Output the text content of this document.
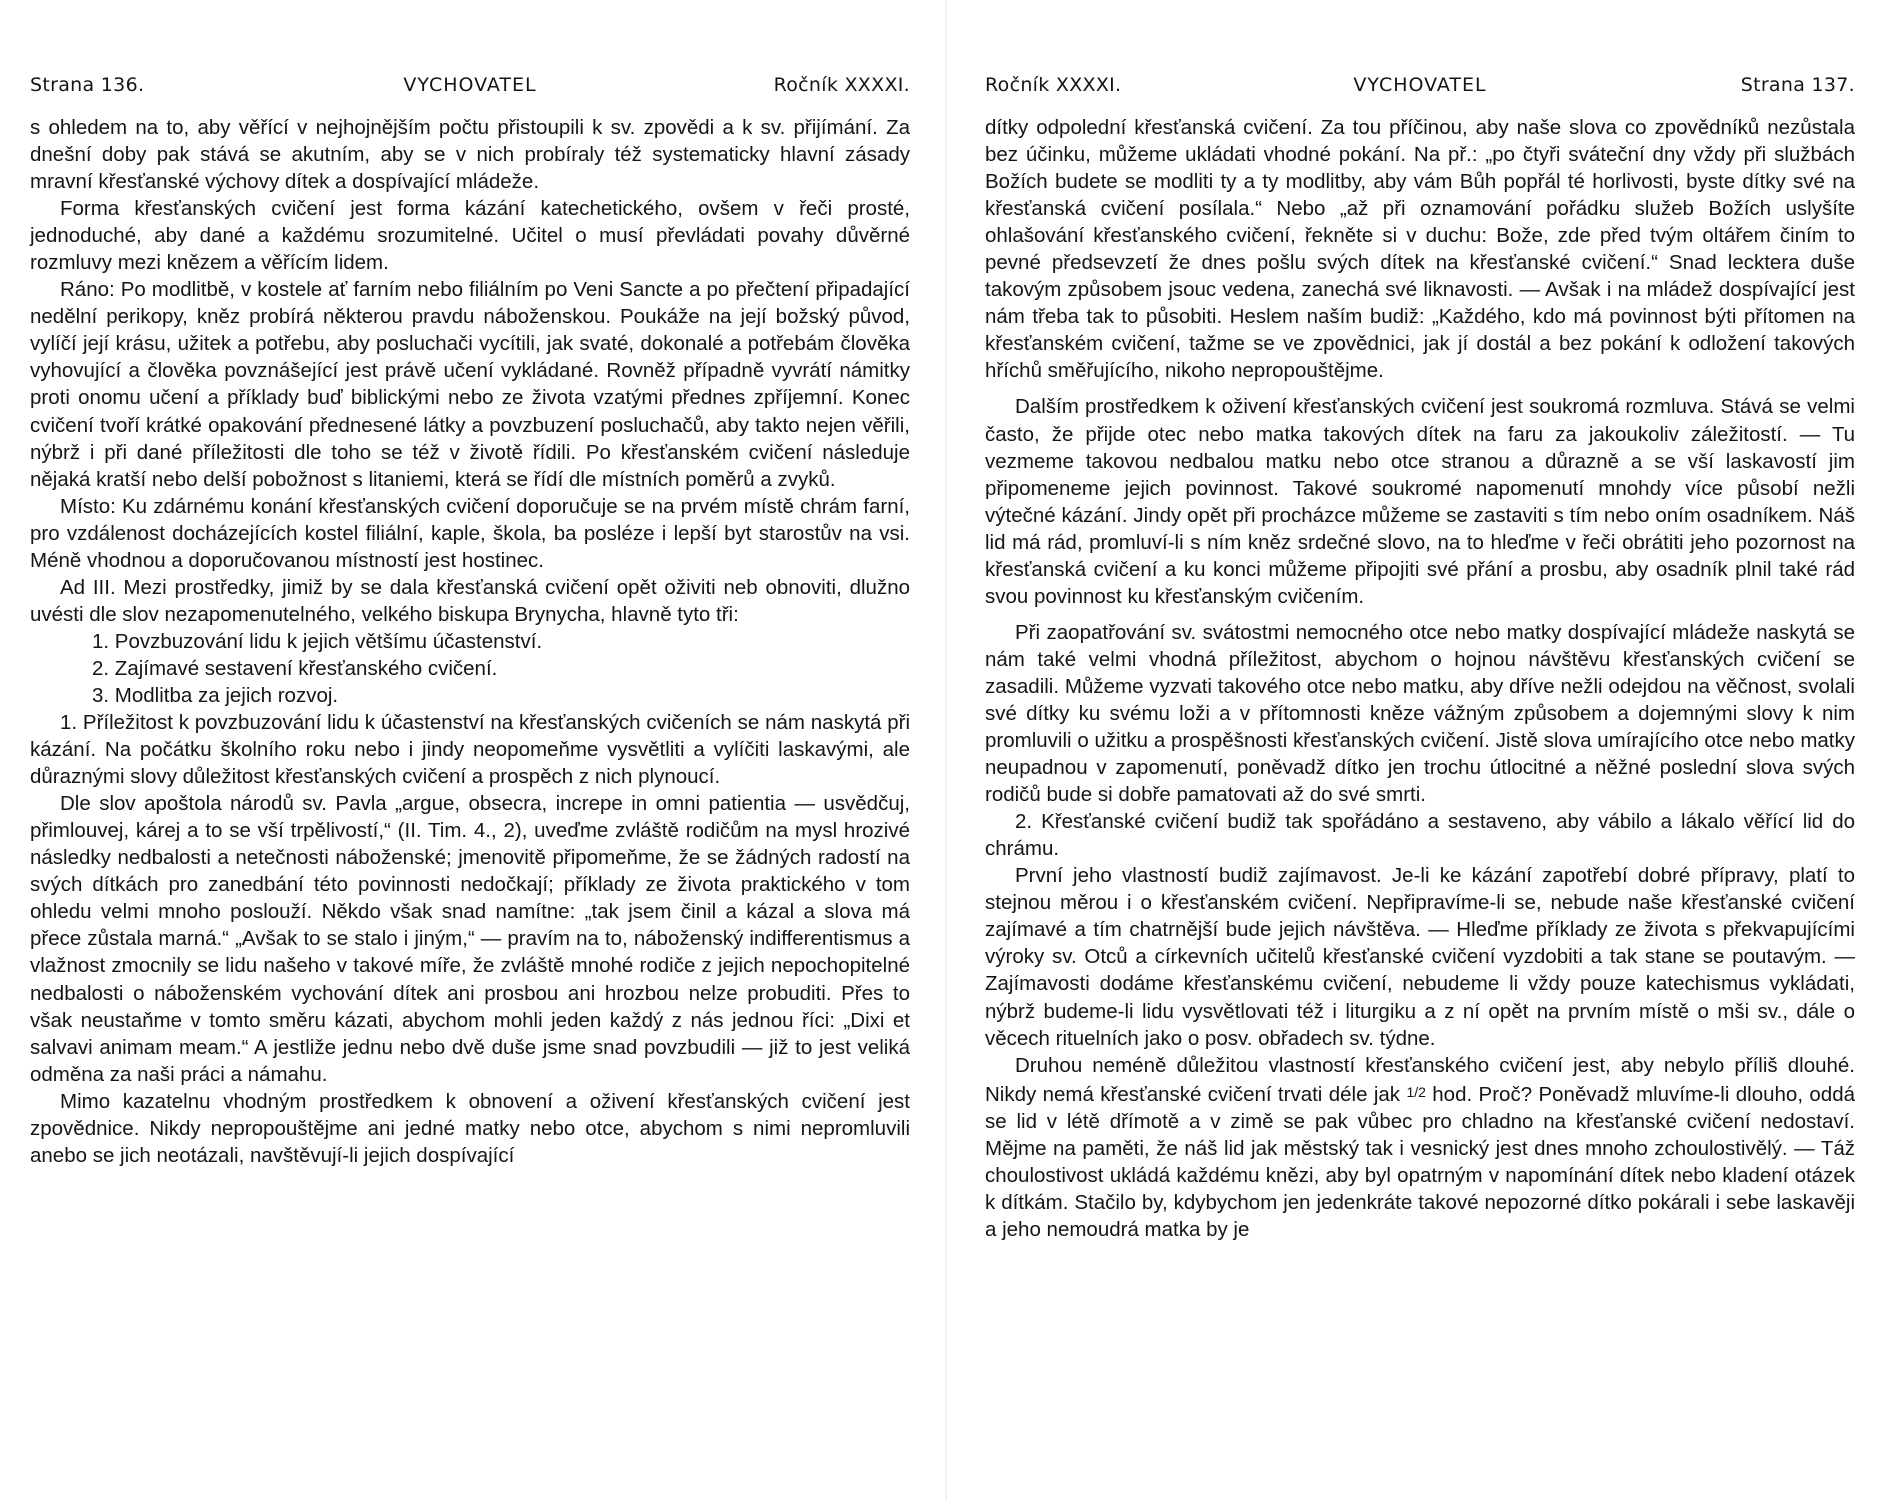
Strana 136.	VYCHOVATEL	Ročník XXXXI.

s ohledem na to, aby věřící v nejhojnějším počtu přistoupili k sv. zpovědi a k sv. přijímání. Za dnešní doby pak stává se akutním, aby se v nich probíraly též systematicky hlavní zásady mravní křesťanské výchovy dítek a dospívající mládeže.

Forma křesťanských cvičení jest forma kázání katechetického, ovšem v řeči prosté, jednoduché, aby dané a každému srozumitelné. Učitel o musí převládati povahy důvěrné rozmluvy mezi knězem a věřícím lidem.

Ráno: Po modlitbě, v kostele ať farním nebo filiálním po Veni Sancte a po přečtení připadající nedělní perikopy, kněz probírá některou pravdu náboženskou. Poukáže na její božský původ, vylíčí její krásu, užitek a potřebu, aby posluchači vycítili, jak svaté, dokonalé a potřebám člověka vyhovující a člověka povznášející jest právě učení vykládané. Rovněž případně vyvrátí námitky proti onomu učení a příklady buď biblickými nebo ze života vzatými přednes zpříjemní. Konec cvičení tvoří krátké opakování přednesené látky a povzbuzení posluchačů, aby takto nejen věřili, nýbrž i při dané příležitosti dle toho se též v životě řídili. Po křesťanském cvičení následuje nějaká kratší nebo delší pobožnost s litaniemi, která se řídí dle místních poměrů a zvyků.

Místo: Ku zdárnému konání křesťanských cvičení doporučuje se na prvém místě chrám farní, pro vzdálenost docházejících kostel filiální, kaple, škola, ba posléze i lepší byt starostův na vsi. Méně vhodnou a doporučovanou místností jest hostinec.

Ad III. Mezi prostředky, jimiž by se dala křesťanská cvičení opět oživiti neb obnoviti, dlužno uvésti dle slov nezapomenutelného, velkého biskupa Brynycha, hlavně tyto tři:

1. Povzbuzování lidu k jejich většímu účastenství.

2. Zajímavé sestavení křesťanského cvičení.

3. Modlitba za jejich rozvoj.

1. Příležitost k povzbuzování lidu k účastenství na křesťanských cvičeních se nám naskytá při kázání. Na počátku školního roku nebo i jindy neopomeňme vysvětliti a vylíčiti laskavými, ale důraznými slovy důležitost křesťanských cvičení a prospěch z nich plynoucí.

Dle slov apoštola národů sv. Pavla „argue, obsecra, increpe in omni patientia — usvědčuj, přimlouvej, kárej a to se vší trpělivostí,“ (II. Tim. 4., 2), uveďme zvláště rodičům na mysl hrozivé následky nedbalosti a netečnosti náboženské; jmenovitě připomeňme, že se žádných radostí na svých dítkách pro zanedbání této povinnosti nedočkají; příklady ze života praktického v tom ohledu velmi mnoho poslouží. Někdo však snad namítne: „tak jsem činil a kázal a slova má přece zůstala marná.“ „Avšak to se stalo i jiným,“ — pravím na to, náboženský indifferentismus a vlažnost zmocnily se lidu našeho v takové míře, že zvláště mnohé rodiče z jejich nepochopitelné nedbalosti o náboženském vychování dítek ani prosbou ani hrozbou nelze probuditi. Přes to však neustaňme v tomto směru kázati, abychom mohli jeden každý z nás jednou říci: „Dixi et salvavi animam meam.“ A jestliže jednu nebo dvě duše jsme snad povzbudili — již to jest veliká odměna za naši práci a námahu.

Mimo kazatelnu vhodným prostředkem k obnovení a oživení křesťanských cvičení jest zpovědnice. Nikdy nepropouštějme ani jedné matky nebo otce, abychom s nimi nepromluvili anebo se jich neotázali, navštěvují-li jejich dospívající

Ročník XXXXI.	VYCHOVATEL	Strana 137.

dítky odpolední křesťanská cvičení. Za tou příčinou, aby naše slova co zpovědníků nezůstala bez účinku, můžeme ukládati vhodné pokání. Na př.: „po čtyři sváteční dny vždy při službách Božích budete se modliti ty a ty modlitby, aby vám Bůh popřál té horlivosti, byste dítky své na křesťanská cvičení posílala.“ Nebo „až při oznamování pořádku služeb Božích uslyšíte ohlašování křesťanského cvičení, řekněte si v duchu: Bože, zde před tvým oltářem činím to pevné předsevzetí že dnes pošlu svých dítek na křesťanské cvičení.“ Snad lecktera duše takovým způsobem jsouc vedena, zanechá své liknavosti. — Avšak i na mládež dospívající jest nám třeba tak to působiti. Heslem naším budiž: „Každého, kdo má povinnost býti přítomen na křesťanském cvičení, tažme se ve zpovědnici, jak jí dostál a bez pokání k odložení takových hříchů směřujícího, nikoho nepropouštějme.

Dalším prostředkem k oživení křesťanských cvičení jest soukromá rozmluva. Stává se velmi často, že přijde otec nebo matka takových dítek na faru za jakoukoliv záležitostí. — Tu vezmeme takovou nedbalou matku nebo otce stranou a důrazně a se vší laskavostí jim připomeneme jejich povinnost. Takové soukromé napomenutí mnohdy více působí nežli výtečné kázání. Jindy opět při procházce můžeme se zastaviti s tím nebo oním osadníkem. Náš lid má rád, promluví-li s ním kněz srdečné slovo, na to hleďme v řeči obrátiti jeho pozornost na křesťanská cvičení a ku konci můžeme připojiti své přání a prosbu, aby osadník plnil také rád svou povinnost ku křesťanským cvičením.

Při zaopatřování sv. svátostmi nemocného otce nebo matky dospívající mládeže naskytá se nám také velmi vhodná příležitost, abychom o hojnou návštěvu křesťanských cvičení se zasadili. Můžeme vyzvati takového otce nebo matku, aby dříve nežli odejdou na věčnost, svolali své dítky ku svému loži a v přítomnosti kněze vážným způsobem a dojemnými slovy k nim promluvili o užitku a prospěšnosti křesťanských cvičení. Jistě slova umírajícího otce nebo matky neupadnou v zapomenutí, poněvadž dítko jen trochu útlocitné a něžné poslední slova svých rodičů bude si dobře pamatovati až do své smrti.

2. Křesťanské cvičení budiž tak spořádáno a sestaveno, aby vábilo a lákalo věřící lid do chrámu.

První jeho vlastností budiž zajímavost. Je-li ke kázání zapotřebí dobré přípravy, platí to stejnou měrou i o křesťanském cvičení. Nepřipravíme-li se, nebude naše křesťanské cvičení zajímavé a tím chatrnější bude jejich návštěva. — Hleďme příklady ze života s překvapujícími výroky sv. Otců a církevních učitelů křesťanské cvičení vyzdobiti a tak stane se poutavým. — Zajímavosti dodáme křesťanskému cvičení, nebudeme li vždy pouze katechismus vykládati, nýbrž budeme-li lidu vysvětlovati též i liturgiku a z ní opět na prvním místě o mši sv., dále o věcech rituelních jako o posv. obřadech sv. týdne.

Druhou neméně důležitou vlastností křesťanského cvičení jest, aby nebylo příliš dlouhé. Nikdy nemá křesťanské cvičení trvati déle jak 1/2 hod. Proč? Poněvadž mluvíme-li dlouho, oddá se lid v létě dřímotě a v zimě se pak vůbec pro chladno na křesťanské cvičení nedostaví. Mějme na paměti, že náš lid jak městský tak i vesnický jest dnes mnoho zchoulostivělý. — Táž choulostivost ukládá každému knězi, aby byl opatrným v napomínání dítek nebo kladení otázek k dítkám. Stačilo by, kdybychom jen jedenkráte takové nepozorné dítko pokárali i sebe laskavěji a jeho nemoudrá matka by je
